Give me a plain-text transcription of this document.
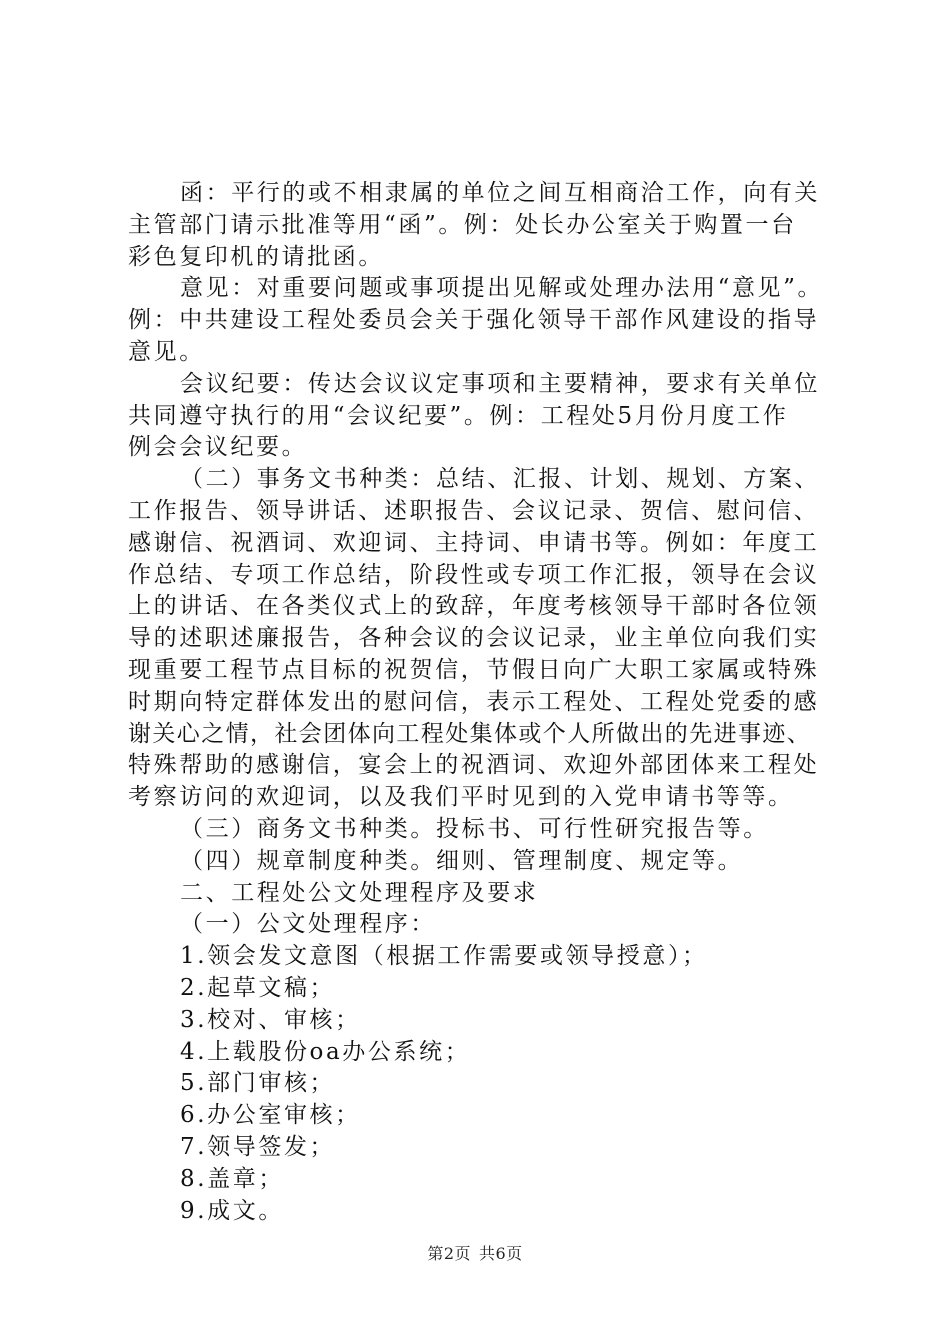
函：平行的或不相隶属的单位之间互相商洽工作，向有关
主管部门请示批准等用“函”。例：处长办公室关于购置一台
彩色复印机的请批函。
意见：对重要问题或事项提出见解或处理办法用“意见”。
例：中共建设工程处委员会关于强化领导干部作风建设的指导
意见。
会议纪要：传达会议议定事项和主要精神，要求有关单位
共同遵守执行的用“会议纪要”。例：工程处5月份月度工作
例会会议纪要。
（二）事务文书种类：总结、汇报、计划、规划、方案、
工作报告、领导讲话、述职报告、会议记录、贺信、慰问信、
感谢信、祝酒词、欢迎词、主持词、申请书等。例如：年度工
作总结、专项工作总结，阶段性或专项工作汇报，领导在会议
上的讲话、在各类仪式上的致辞，年度考核领导干部时各位领
导的述职述廉报告，各种会议的会议记录，业主单位向我们实
现重要工程节点目标的祝贺信，节假日向广大职工家属或特殊
时期向特定群体发出的慰问信，表示工程处、工程处党委的感
谢关心之情，社会团体向工程处集体或个人所做出的先进事迹、
特殊帮助的感谢信，宴会上的祝酒词、欢迎外部团体来工程处
考察访问的欢迎词，以及我们平时见到的入党申请书等等。
（三）商务文书种类。投标书、可行性研究报告等。
（四）规章制度种类。细则、管理制度、规定等。
二、工程处公文处理程序及要求
（一）公文处理程序：
1.领会发文意图（根据工作需要或领导授意）；
2.起草文稿；
3.校对、审核；
4.上载股份oa办公系统；
5.部门审核；
6.办公室审核；
7.领导签发；
8.盖章；
9.成文。
第2页 共6页
